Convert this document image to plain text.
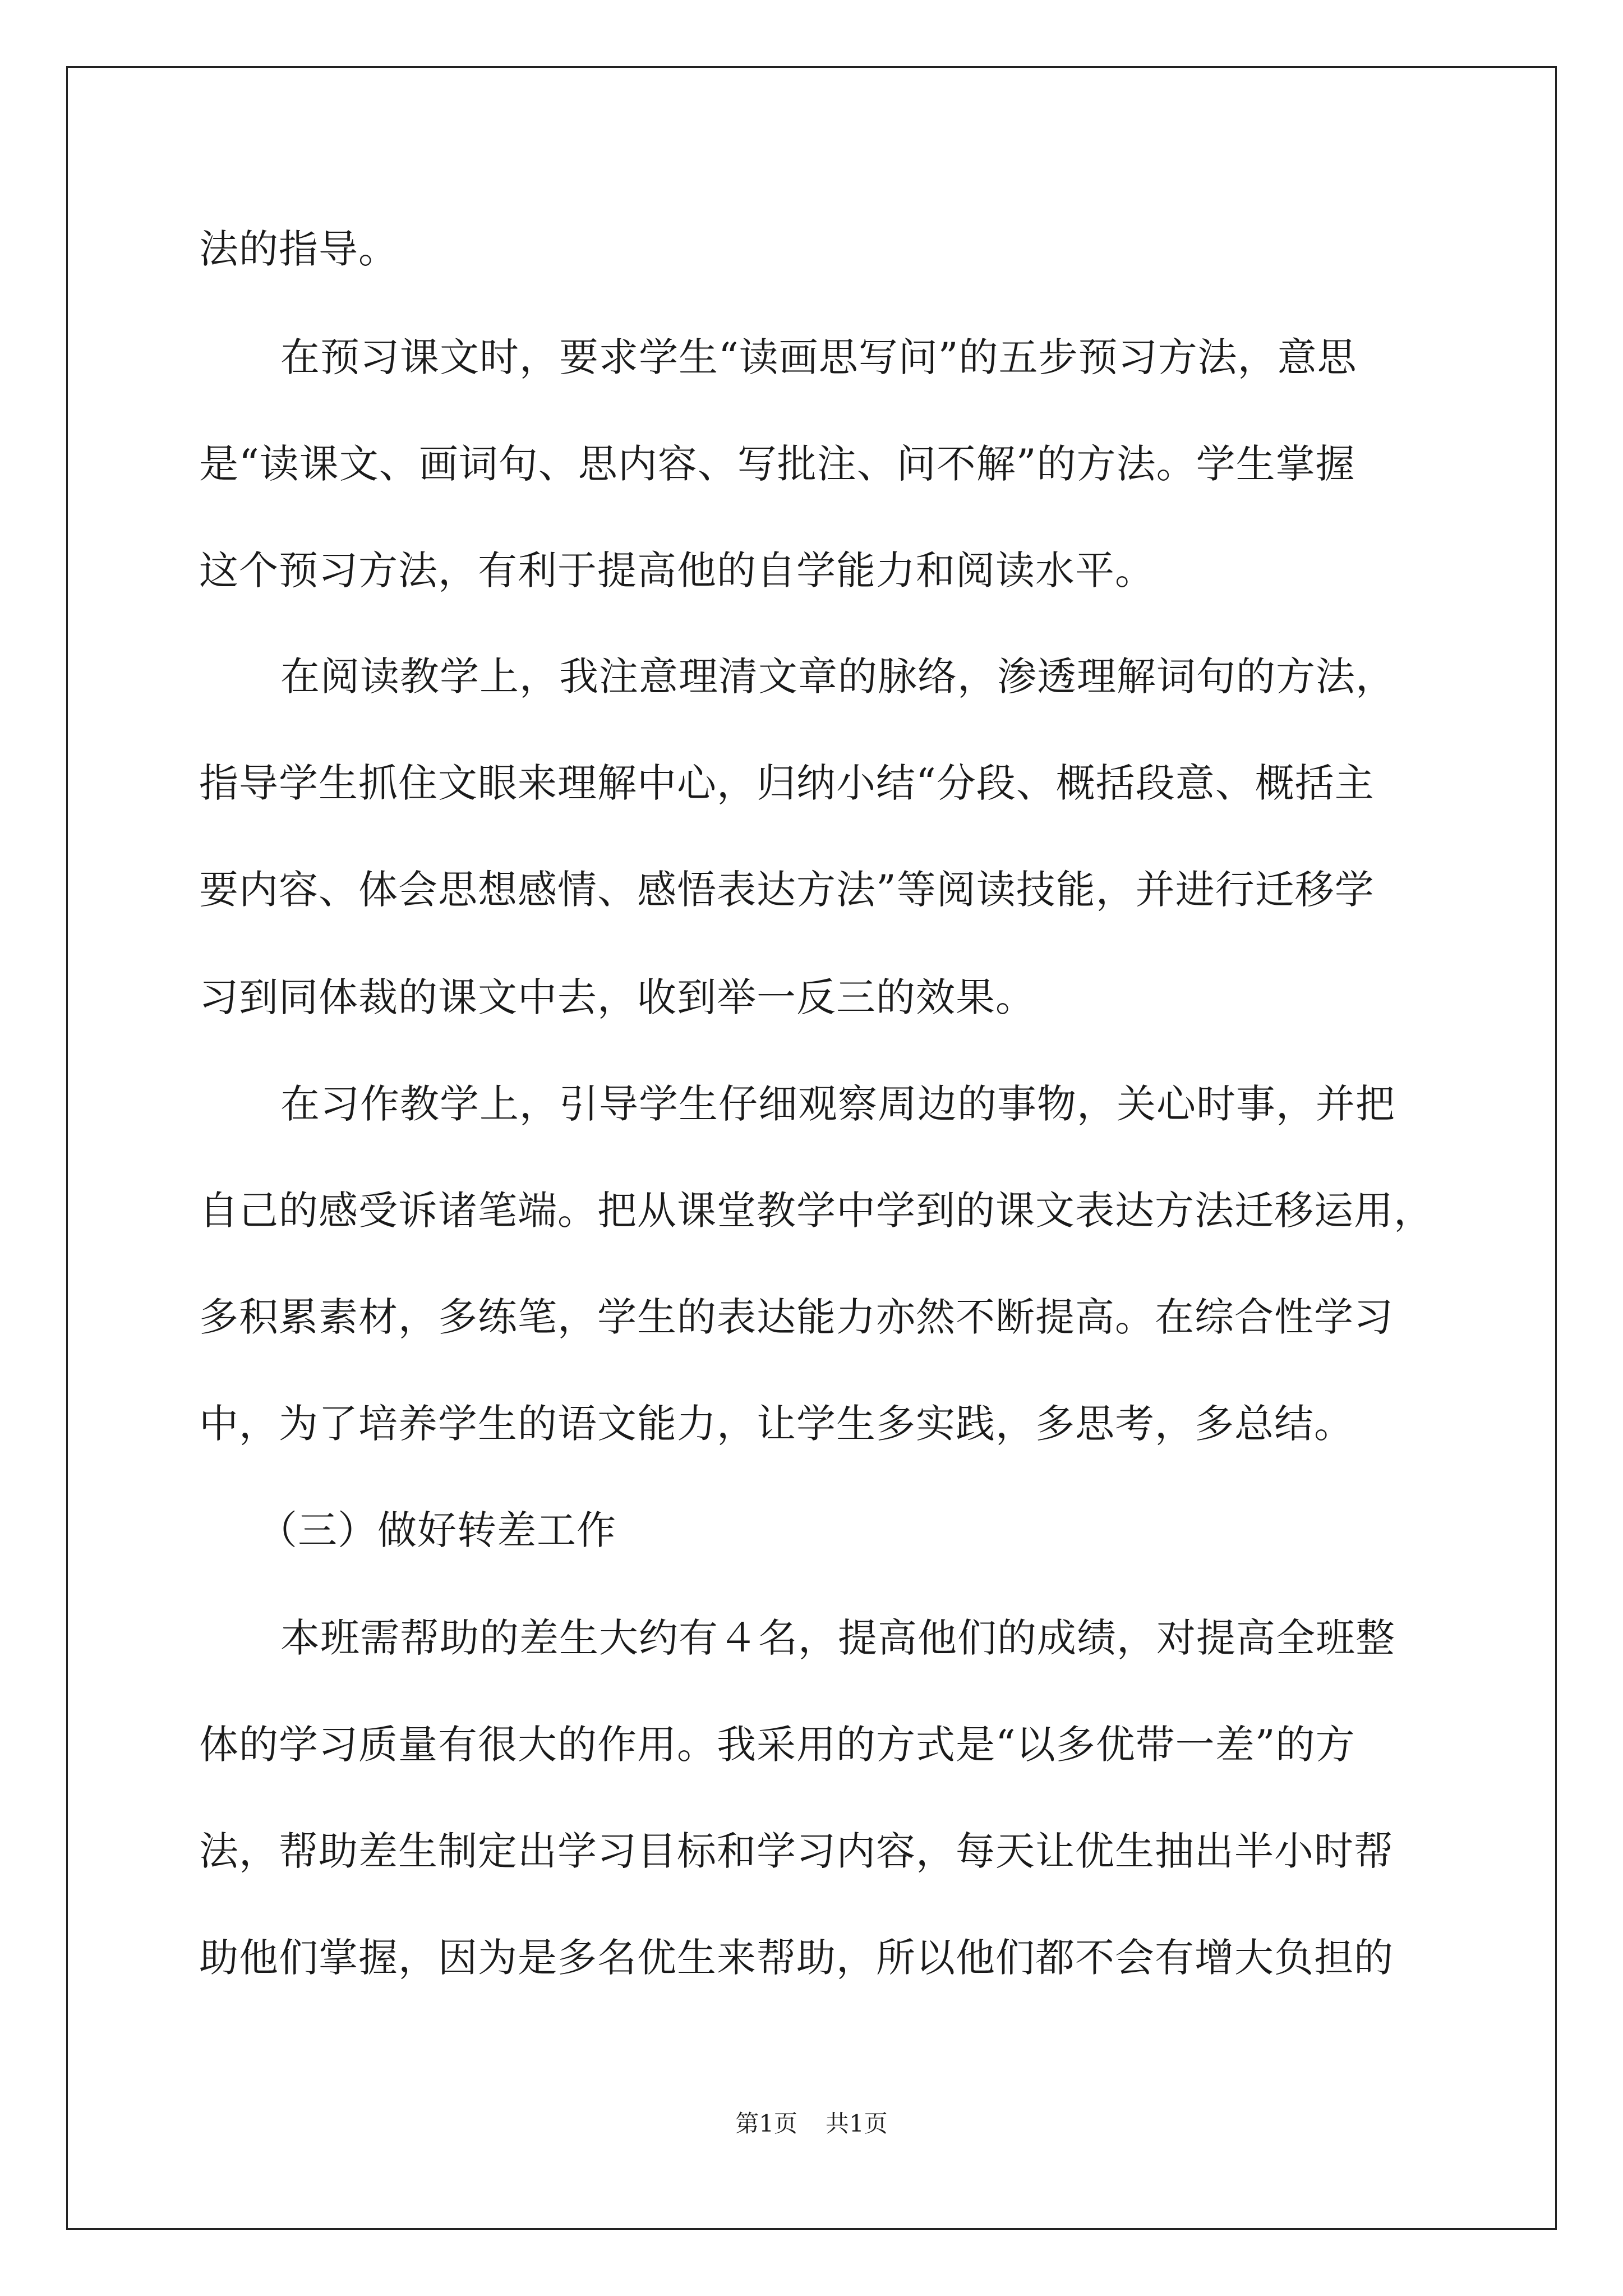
法的指导。
在预习课文时，要求学生“读画思写问”的五步预习方法，意思
是“读课文、画词句、思内容、写批注、问不解”的方法。学生掌握
这个预习方法，有利于提高他的自学能力和阅读水平。
在阅读教学上，我注意理清文章的脉络，渗透理解词句的方法，
指导学生抓住文眼来理解中心，归纳小结“分段、概括段意、概括主
要内容、体会思想感情、感悟表达方法”等阅读技能，并进行迁移学
习到同体裁的课文中去，收到举一反三的效果。
在习作教学上，引导学生仔细观察周边的事物，关心时事，并把
自己的感受诉诸笔端。把从课堂教学中学到的课文表达方法迁移运用，
多积累素材，多练笔，学生的表达能力亦然不断提高。在综合性学习
中，为了培养学生的语文能力，让学生多实践，多思考，多总结。
（三）做好转差工作
本班需帮助的差生大约有４名，提高他们的成绩，对提高全班整
体的学习质量有很大的作用。我采用的方式是“以多优带一差”的方
法，帮助差生制定出学习目标和学习内容，每天让优生抽出半小时帮
助他们掌握，因为是多名优生来帮助，所以他们都不会有增大负担的
第1页 共1页
